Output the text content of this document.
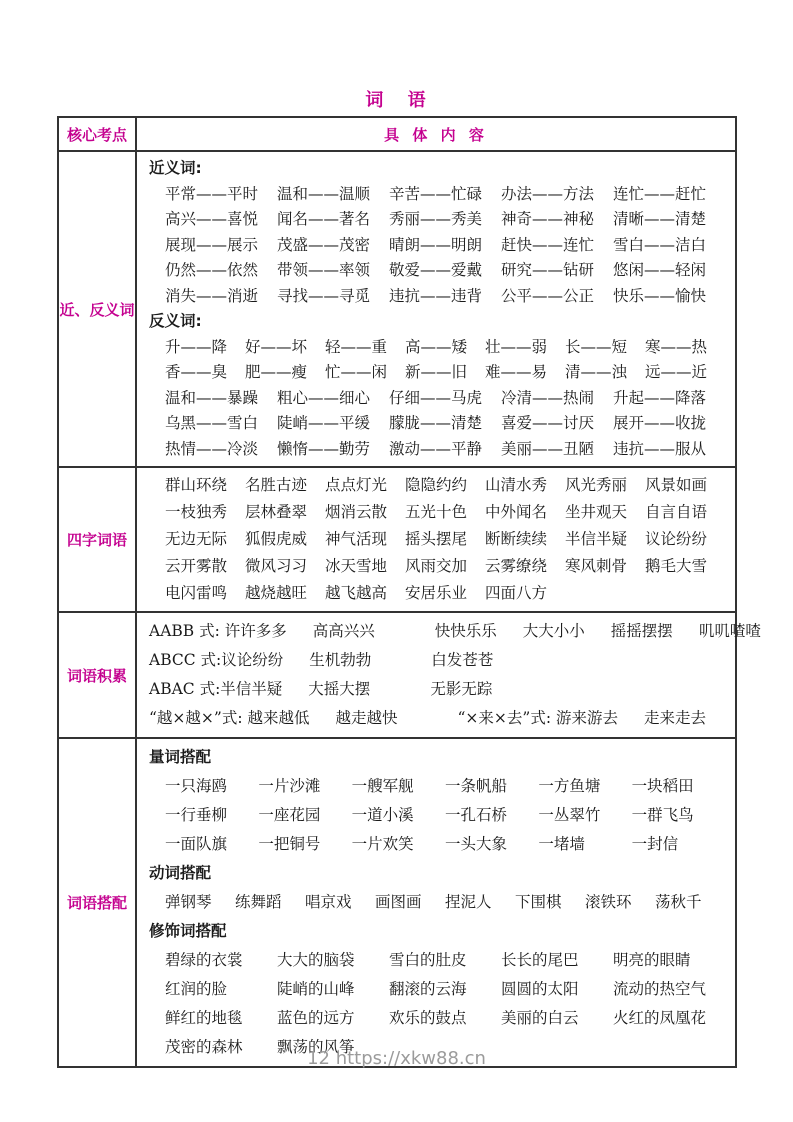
词 语
核心考点	具 体 内 容
近、反义词
近义词:
平常——平时	温和——温顺	辛苦——忙碌	办法——方法	连忙——赶忙
高兴——喜悦	闻名——著名	秀丽——秀美	神奇——神秘	清晰——清楚
展现——展示	茂盛——茂密	晴朗——明朗	赶快——连忙	雪白——洁白
仍然——依然	带领——率领	敬爱——爱戴	研究——钻研	悠闲——轻闲
消失——消逝	寻找——寻觅	违抗——违背	公平——公正	快乐——愉快
反义词:
升——降	好——坏	轻——重	高——矮	壮——弱	长——短	寒——热
香——臭	肥——瘦	忙——闲	新——旧	难——易	清——浊	远——近
温和——暴躁	粗心——细心	仔细——马虎	冷清——热闹	升起——降落
乌黑——雪白	陡峭——平缓	朦胧——清楚	喜爱——讨厌	展开——收拢
热情——冷淡	懒惰——勤劳	激动——平静	美丽——丑陋	违抗——服从
四字词语
群山环绕	名胜古迹	点点灯光	隐隐约约	山清水秀	风光秀丽	风景如画
一枝独秀	层林叠翠	烟消云散	五光十色	中外闻名	坐井观天	自言自语
无边无际	狐假虎威	神气活现	摇头摆尾	断断续续	半信半疑	议论纷纷
云开雾散	微风习习	冰天雪地	风雨交加	云雾缭绕	寒风刺骨	鹅毛大雪
电闪雷鸣	越烧越旺	越飞越高	安居乐业	四面八方
词语积累
AABB 式: 许许多多 高高兴兴	快快乐乐 大大小小 摇摇摆摆 叽叽喳喳
ABCC 式:议论纷纷 生机勃勃	白发苍苍
ABAC 式:半信半疑 大摇大摆	无影无踪
“越×越×”式: 越来越低 越走越快	“×来×去”式: 游来游去 走来走去
词语搭配
量词搭配
一只海鸥	一片沙滩	一艘军舰	一条帆船	一方鱼塘	一块稻田
一行垂柳	一座花园	一道小溪	一孔石桥	一丛翠竹	一群飞鸟
一面队旗	一把铜号	一片欢笑	一头大象	一堵墙	一封信
动词搭配
弹钢琴	练舞蹈	唱京戏	画图画	捏泥人	下围棋	滚铁环	荡秋千
修饰词搭配
碧绿的衣裳	大大的脑袋	雪白的肚皮	长长的尾巴	明亮的眼睛
红润的脸	陡峭的山峰	翻滚的云海	圆圆的太阳	流动的热空气
鲜红的地毯	蓝色的远方	欢乐的鼓点	美丽的白云	火红的凤凰花
茂密的森林	飘荡的风筝
12 https://xkw88.cn
